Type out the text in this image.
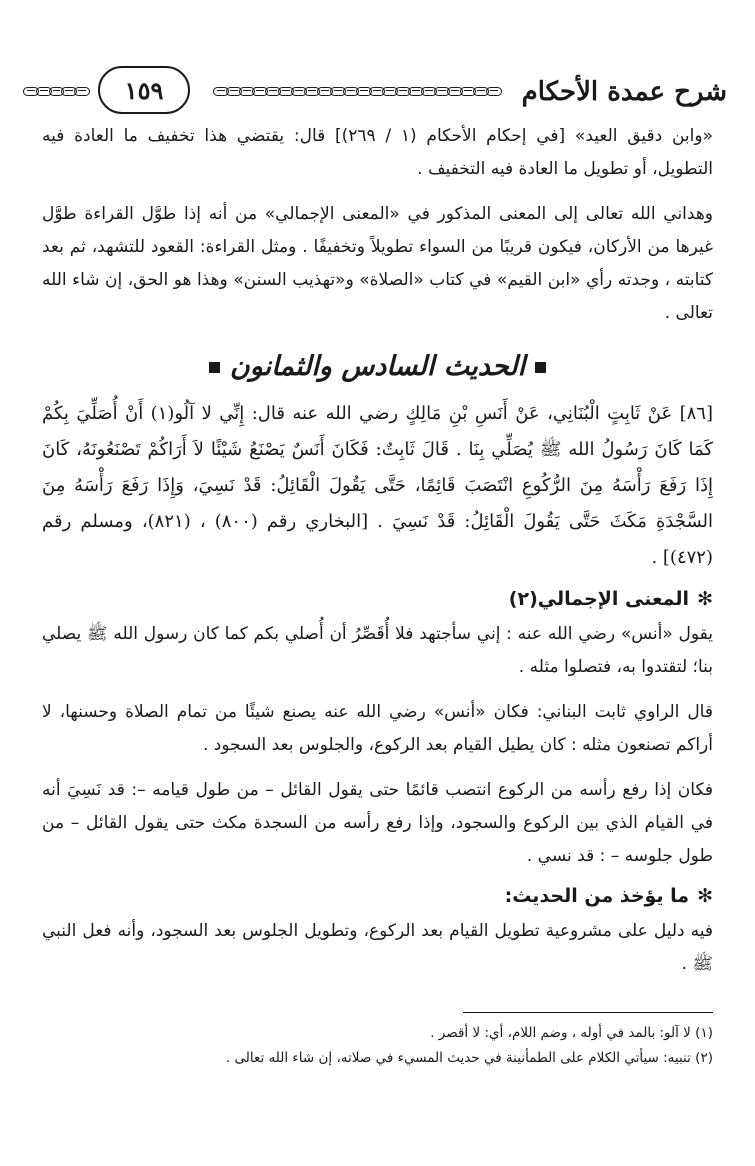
شرح عمدة الأحكام
١٥٩

«وابن دقيق العيد» [في إحكام الأحكام (١ / ٢٦٩)] قال: يقتضي هذا تخفيف ما العادة فيه التطويل، أو تطويل ما العادة فيه التخفيف .

وهداني الله تعالى إلى المعنى المذكور في «المعنى الإجمالي» من أنه إذا طوَّل القراءة طوَّل غيرها من الأركان، فيكون قريبًا من السواء تطويلاً وتخفيفًا . ومثل القراءة: القعود للتشهد، ثم بعد كتابته ، وجدته رأي «ابن القيم» في كتاب «الصلاة» و«تهذيب السنن» وهذا هو الحق، إن شاء الله تعالى .

الحديث السادس والثمانون

[٨٦] عَنْ ثَابِتٍ الْبُنَانِي، عَنْ أَنَسِ بْنِ مَالِكٍ رضي الله عنه قال: إِنِّي لا آلُو(١) أَنْ أُصَلِّيَ بِكُمْ كَمَا كَانَ رَسُولُ الله ﷺ يُصَلِّي بِنَا . قَالَ ثَابِتٌ: فَكَانَ أَنَسٌ يَصْنَعُ شَيْئًا لاَ أَرَاكُمْ تَصْنَعُونَهُ، كَانَ إِذَا رَفَعَ رَأْسَهُ مِنَ الرُّكُوعِ انْتَصَبَ قَائِمًا، حَتَّى يَقُولَ الْقَائِلُ: قَدْ نَسِيَ، وَإِذَا رَفَعَ رَأْسَهُ مِنَ السَّجْدَةِ مَكَثَ حَتَّى يَقُولَ الْقَائِلُ: قَدْ نَسِيَ . [البخاري رقم (٨٠٠) ، (٨٢١)، ومسلم رقم (٤٧٢)] .

✻المعنى الإجمالي(٢)

يقول «أنس» رضي الله عنه : إني سأجتهد فلا أُقَصِّرُ أن أُصلي بكم كما كان رسول الله ﷺ يصلي بنا؛ لتقتدوا به، فتصلوا مثله .

قال الراوي ثابت البناني: فكان «أنس» رضي الله عنه يصنع شيئًا من تمام الصلاة وحسنها، لا أراكم تصنعون مثله : كان يطيل القيام بعد الركوع، والجلوس بعد السجود .

فكان إذا رفع رأسه من الركوع انتصب قائمًا حتى يقول القائل – من طول قيامه –: قد نَسِيَ أنه في القيام الذي بين الركوع والسجود، وإذا رفع رأسه من السجدة مكث حتى يقول القائل – من طول جلوسه – : قد نسي .

✻ما يؤخذ من الحديث:

فيه دليل على مشروعية تطويل القيام بعد الركوع، وتطويل الجلوس بعد السجود، وأنه فعل النبي ﷺ .

(١) لا آلو: بالمد في أوله ، وضم اللام، أي: لا أقصر .

(٢) تنبيه: سيأتي الكلام على الطمأنينة في حديث المسيء في صلاته، إن شاء الله تعالى .
